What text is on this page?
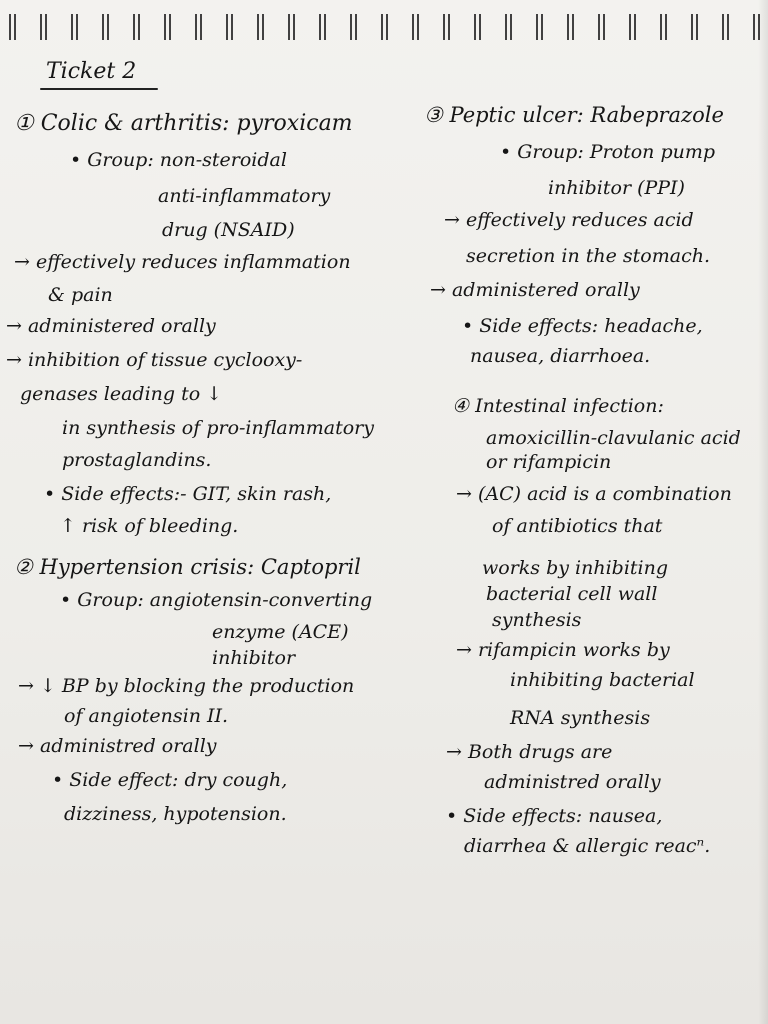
Ticket 2
① Colic & arthritis: pyroxicam
• Group: non-steroidal
anti-inflammatory
drug (NSAID)
→ effectively reduces inflammation
& pain
→ administered orally
→ inhibition of tissue cyclooxy-
genases leading to ↓
in synthesis of pro-inflammatory
prostaglandins.
• Side effects:- GIT, skin rash,
↑ risk of bleeding.
② Hypertension crisis: Captopril
• Group: angiotensin-converting
enzyme (ACE)
inhibitor
→ ↓ BP by blocking the production
of angiotensin II.
→ administred orally
• Side effect: dry cough,
dizziness, hypotension.
③ Peptic ulcer: Rabeprazole
• Group: Proton pump
inhibitor (PPI)
→ effectively reduces acid
secretion in the stomach.
→ administered orally
• Side effects: headache,
nausea, diarrhoea.
④ Intestinal infection:
amoxicillin-clavulanic acid
or rifampicin
→ (AC) acid is a combination
of antibiotics that
works by inhibiting
bacterial cell wall
synthesis
→ rifampicin works by
inhibiting bacterial
RNA synthesis
→ Both drugs are
administred orally
• Side effects: nausea,
diarrhea & allergic reacⁿ.
